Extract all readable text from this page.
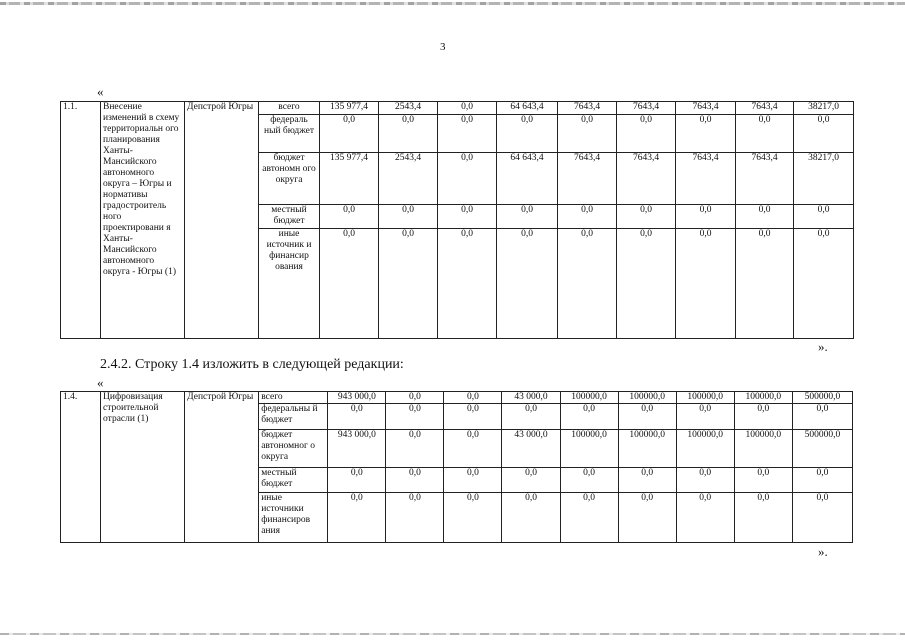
3
«
1.1.	Внесение изменений в схему территориальн ого планирования Ханты-Мансийского автономного округа – Югры и нормативы градостроитель ного проектировани я Ханты-Мансийского автономного округа - Югры (1)	Депстрой Югры	всего	135 977,4	2543,4	0,0	64 643,4	7643,4	7643,4	7643,4	7643,4	38217,0
			федераль ный бюджет	0,0	0,0	0,0	0,0	0,0	0,0	0,0	0,0	0,0
			бюджет автономн ого округа	135 977,4	2543,4	0,0	64 643,4	7643,4	7643,4	7643,4	7643,4	38217,0
			местный бюджет	0,0	0,0	0,0	0,0	0,0	0,0	0,0	0,0	0,0
			иные источник и финансир ования	0,0	0,0	0,0	0,0	0,0	0,0	0,0	0,0	0,0
».
2.4.2. Строку 1.4 изложить в следующей редакции:
«
1.4.	Цифровизация строительной отрасли (1)	Депстрой Югры	всего	943 000,0	0,0	0,0	43 000,0	100000,0	100000,0	100000,0	100000,0	500000,0
			федеральны й бюджет	0,0	0,0	0,0	0,0	0,0	0,0	0,0	0,0	0,0
			бюджет автономног о округа	943 000,0	0,0	0,0	43 000,0	100000,0	100000,0	100000,0	100000,0	500000,0
			местный бюджет	0,0	0,0	0,0	0,0	0,0	0,0	0,0	0,0	0,0
			иные источники финансиров ания	0,0	0,0	0,0	0,0	0,0	0,0	0,0	0,0	0,0
».
